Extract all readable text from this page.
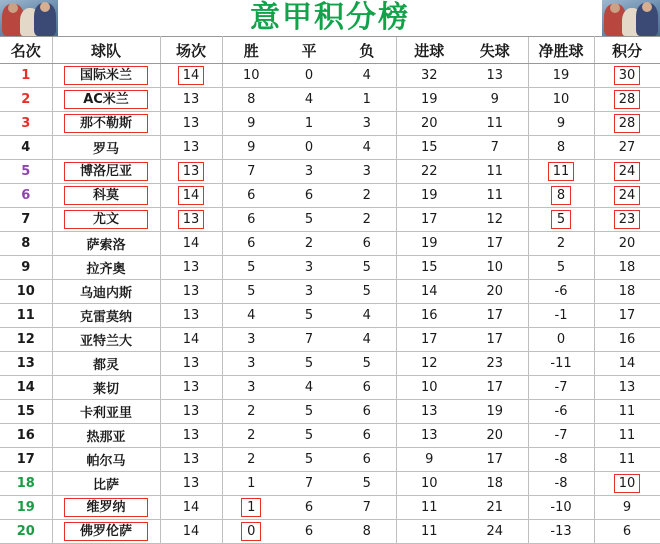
意甲积分榜
名次	球队	场次	胜	平	负	进球	失球	净胜球	积分
1	国际米兰	14	10	0	4	32	13	19	30
2	AC米兰	13	8	4	1	19	9	10	28
3	那不勒斯	13	9	1	3	20	11	9	28
4	罗马	13	9	0	4	15	7	8	27
5	博洛尼亚	13	7	3	3	22	11	11	24
6	科莫	14	6	6	2	19	11	8	24
7	尤文	13	6	5	2	17	12	5	23
8	萨索洛	14	6	2	6	19	17	2	20
9	拉齐奥	13	5	3	5	15	10	5	18
10	乌迪内斯	13	5	3	5	14	20	-6	18
11	克雷莫纳	13	4	5	4	16	17	-1	17
12	亚特兰大	14	3	7	4	17	17	0	16
13	都灵	13	3	5	5	12	23	-11	14
14	莱切	13	3	4	6	10	17	-7	13
15	卡利亚里	13	2	5	6	13	19	-6	11
16	热那亚	13	2	5	6	13	20	-7	11
17	帕尔马	13	2	5	6	9	17	-8	11
18	比萨	13	1	7	5	10	18	-8	10
19	维罗纳	14	1	6	7	11	21	-10	9
20	佛罗伦萨	14	0	6	8	11	24	-13	6
